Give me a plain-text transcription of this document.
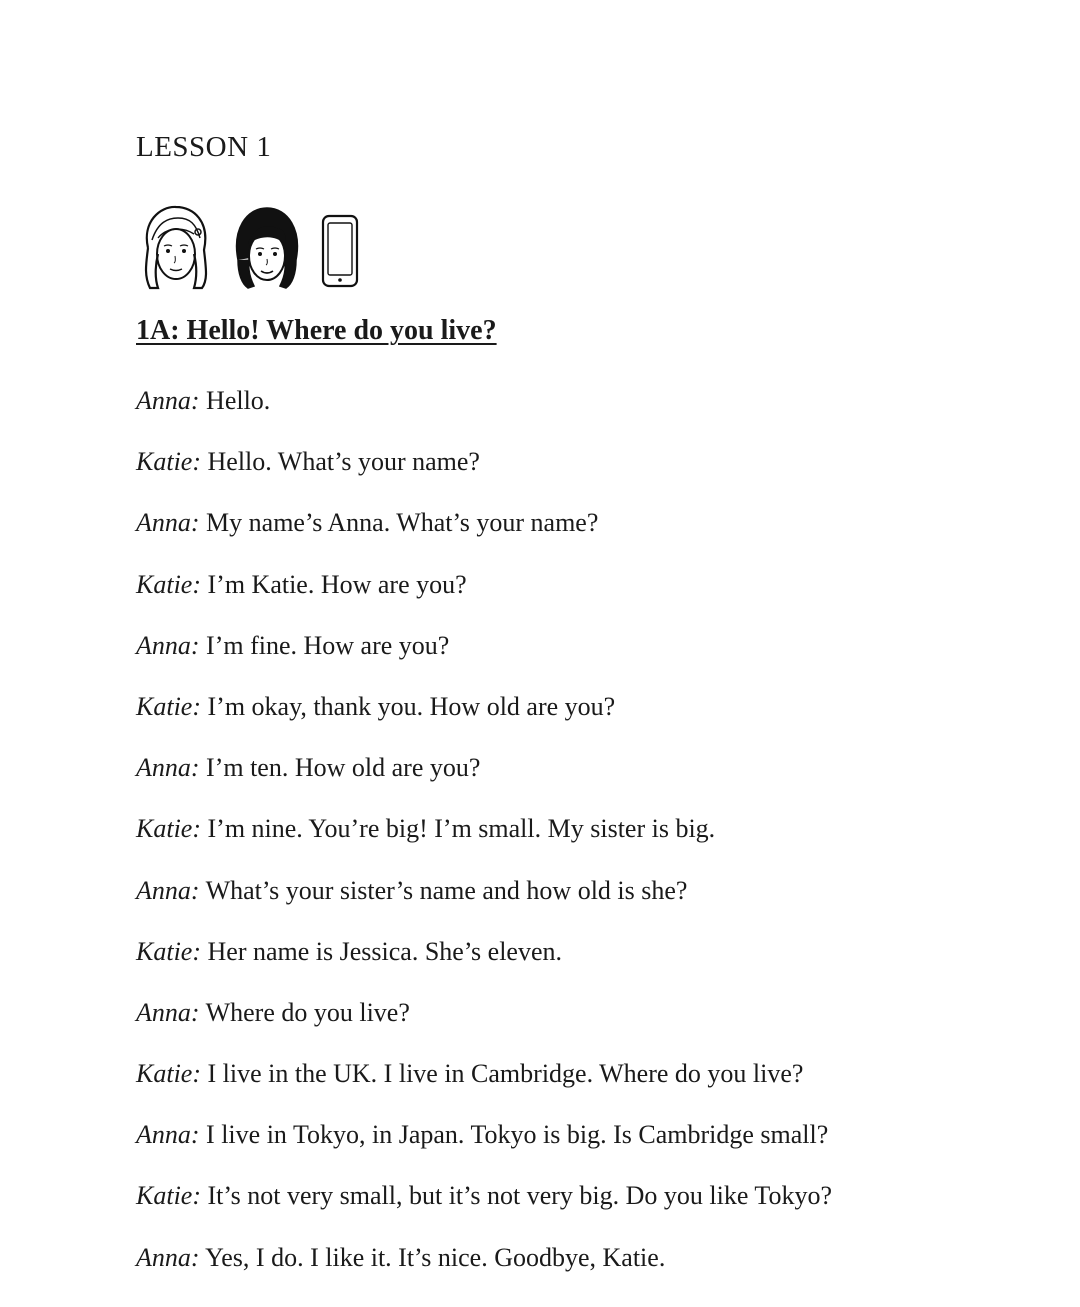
LESSON 1
1A: Hello! Where do you live?
Anna: Hello.
Katie: Hello. What’s your name?
Anna: My name’s Anna. What’s your name?
Katie: I’m Katie. How are you?
Anna: I’m fine. How are you?
Katie: I’m okay, thank you. How old are you?
Anna: I’m ten. How old are you?
Katie: I’m nine. You’re big! I’m small. My sister is big.
Anna: What’s your sister’s name and how old is she?
Katie: Her name is Jessica. She’s eleven.
Anna: Where do you live?
Katie: I live in the UK. I live in Cambridge. Where do you live?
Anna: I live in Tokyo, in Japan. Tokyo is big. Is Cambridge small?
Katie: It’s not very small, but it’s not very big. Do you like Tokyo?
Anna: Yes, I do. I like it. It’s nice. Goodbye, Katie.
